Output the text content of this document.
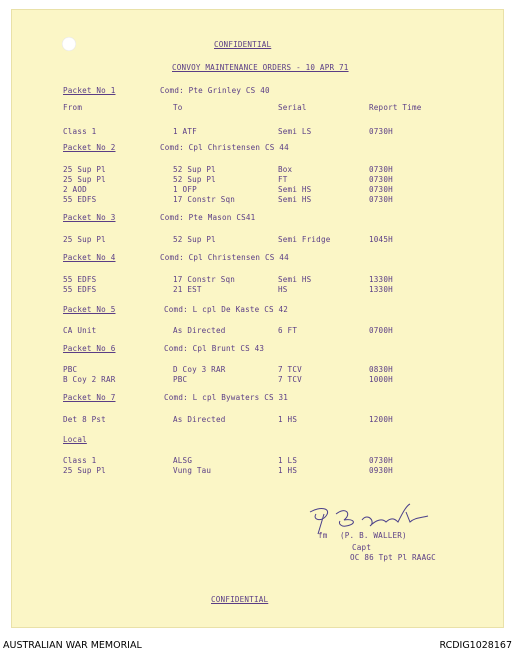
CONFIDENTIAL
CONVOY MAINTENANCE ORDERS - 10 APR 71
From	To	Serial	Report Time
Packet No 1	Comd: Pte Grinley CS 40
Class 1	1 ATF	Semi LS	0730H
Packet No 2	Comd: Cpl Christensen CS 44
25 Sup Pl	52 Sup Pl	Box	0730H
25 Sup Pl	52 Sup Pl	FT	0730H
2 AOD	1 OFP	Semi HS	0730H
55 EDFS	17 Constr Sqn	Semi HS	0730H
Packet No 3	Comd: Pte Mason CS41
25 Sup Pl	52 Sup Pl	Semi Fridge	1045H
Packet No 4	Comd: Cpl Christensen CS 44
55 EDFS	17 Constr Sqn	Semi HS	1330H
55 EDFS	21 EST	HS	1330H
Packet No 5	Comd: L cpl De Kaste CS 42
CA Unit	As Directed	6 FT	0700H
Packet No 6	Comd: Cpl Brunt CS 43
PBC	D Coy 3 RAR	7 TCV	0830H
B Coy 2 RAR	PBC	7 TCV	1000H
Packet No 7	Comd: L cpl Bywaters CS 31
Det 8 Pst	As Directed	1 HS	1200H
Local
Class 1	ALSG	1 LS	0730H
25 Sup Pl	Vung Tau	1 HS	0930H
fm (P. B. WALLER)
Capt
OC 86 Tpt Pl RAAGC
CONFIDENTIAL
AUSTRALIAN WAR MEMORIAL	RCDIG1028167
